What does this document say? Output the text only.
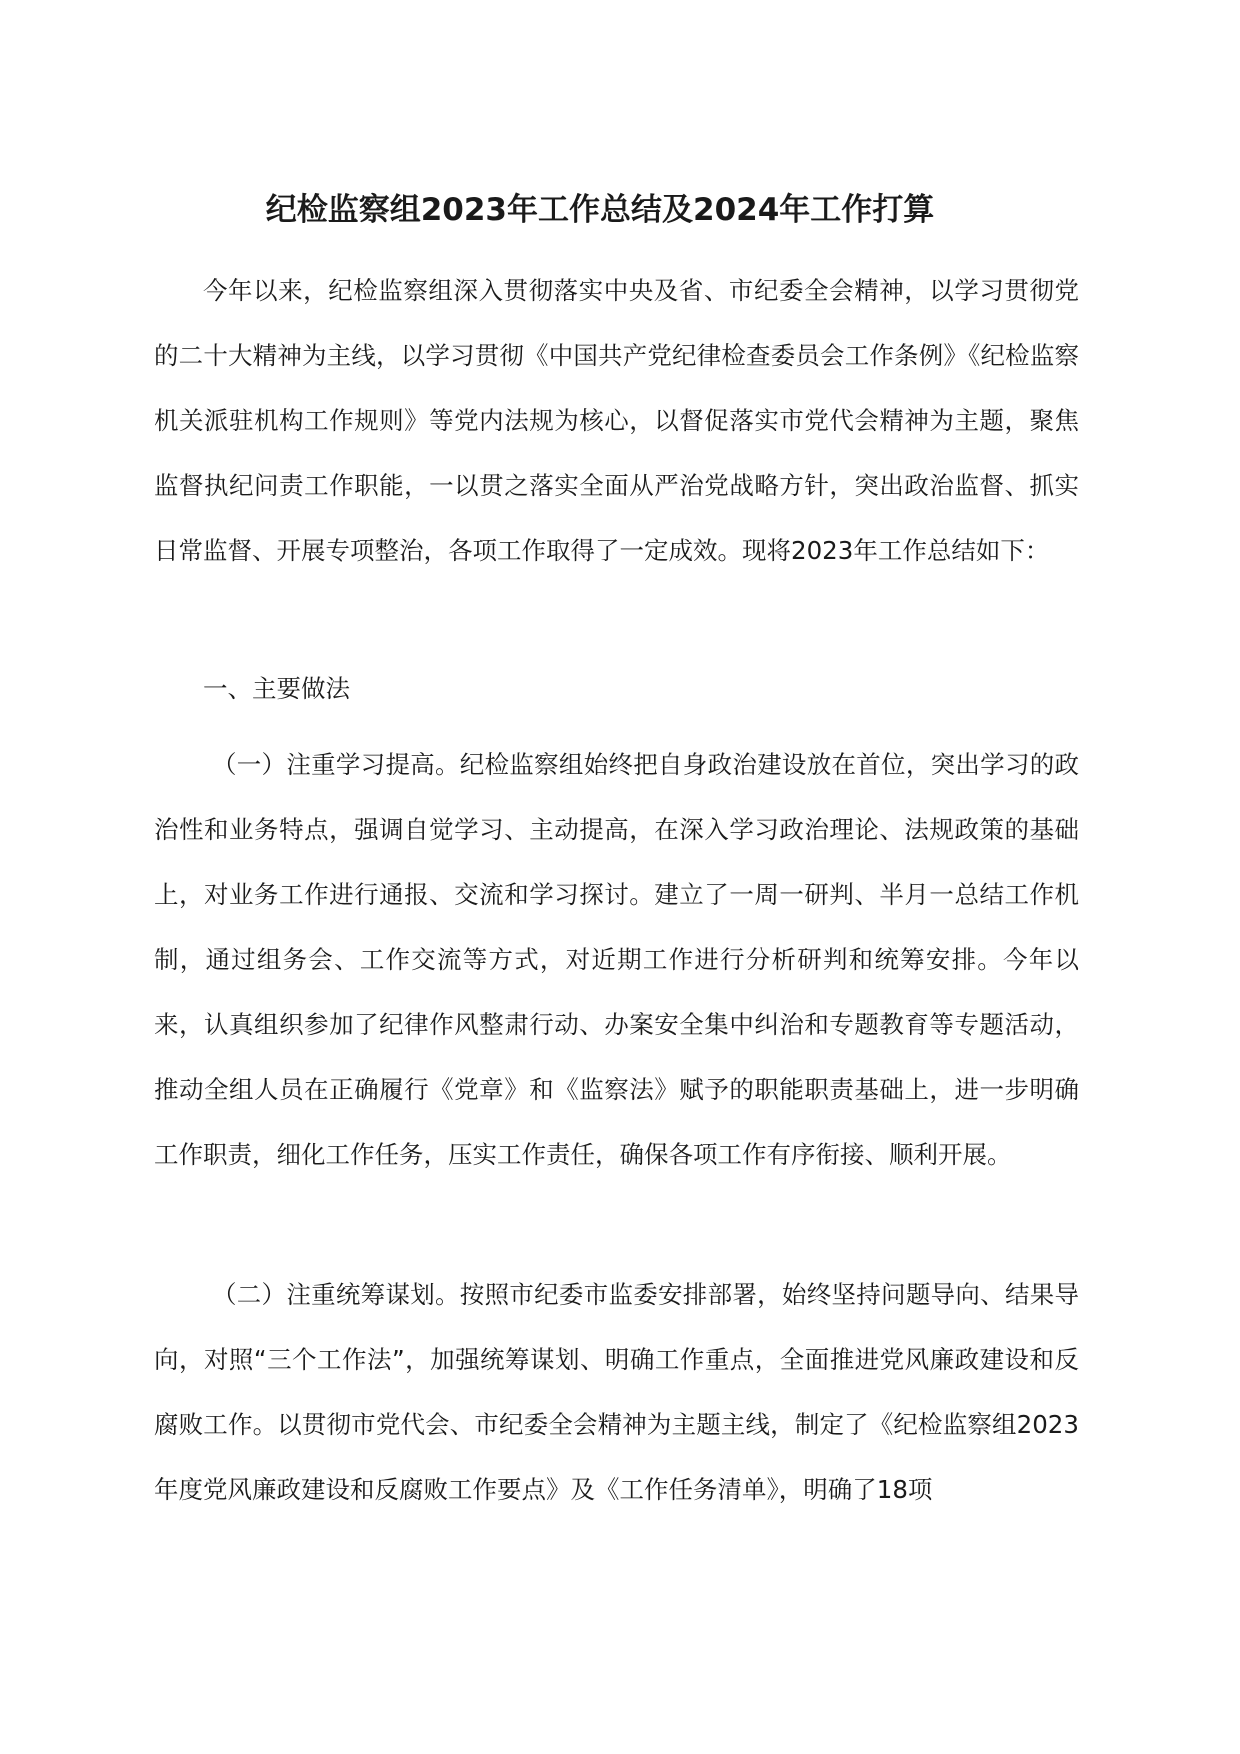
纪检监察组2023年工作总结及2024年工作打算

今年以来，纪检监察组深入贯彻落实中央及省、市纪委全会精神，以学习贯彻党的二十大精神为主线，以学习贯彻《中国共产党纪律检查委员会工作条例》《纪检监察机关派驻机构工作规则》等党内法规为核心，以督促落实市党代会精神为主题，聚焦监督执纪问责工作职能，一以贯之落实全面从严治党战略方针，突出政治监督、抓实日常监督、开展专项整治，各项工作取得了一定成效。现将2023年工作总结如下：

一、主要做法

（一）注重学习提高。纪检监察组始终把自身政治建设放在首位，突出学习的政治性和业务特点，强调自觉学习、主动提高，在深入学习政治理论、法规政策的基础上，对业务工作进行通报、交流和学习探讨。建立了一周一研判、半月一总结工作机制，通过组务会、工作交流等方式，对近期工作进行分析研判和统筹安排。今年以来，认真组织参加了纪律作风整肃行动、办案安全集中纠治和专题教育等专题活动，推动全组人员在正确履行《党章》和《监察法》赋予的职能职责基础上，进一步明确工作职责，细化工作任务，压实工作责任，确保各项工作有序衔接、顺利开展。

（二）注重统筹谋划。按照市纪委市监委安排部署，始终坚持问题导向、结果导向，对照“三个工作法”，加强统筹谋划、明确工作重点，全面推进党风廉政建设和反腐败工作。以贯彻市党代会、市纪委全会精神为主题主线，制定了《纪检监察组2023年度党风廉政建设和反腐败工作要点》及《工作任务清单》，明确了18项
